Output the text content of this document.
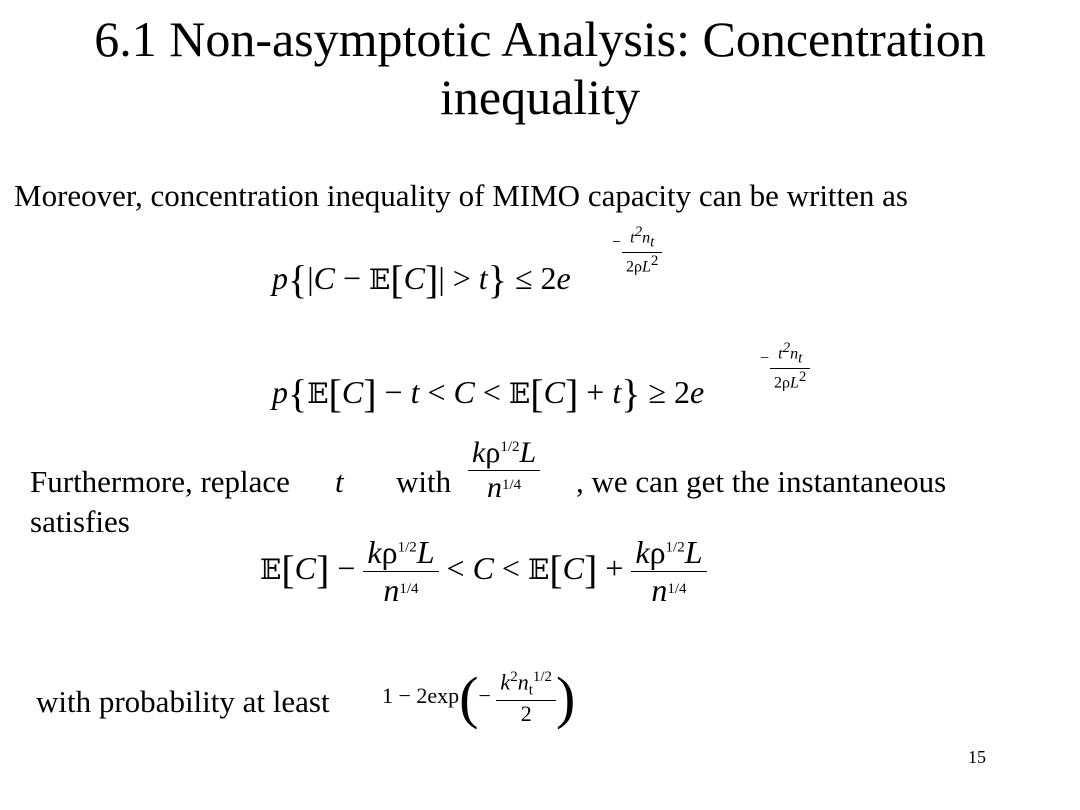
6.1 Non-asymptotic Analysis: Concentration
inequality
Moreover, concentration inequality of MIMO capacity can be written as
p{|C − 𝔼[C]| > t} ≤ 2e
− $t^2n_t$
$2\rho L^2$
p{𝔼[C] − t < C < 𝔼[C] + t} ≥ 2e
− $t^2n_t$
$2\rho L^2$
Furthermore, replace t with $\frac{k\rho^{1/2}L}{n^{1/4}}$ , we can get the instantaneous
satisfies
𝔼[C] − $\frac{k\rho^{1/2}L}{n^{1/4}} < C$ < 𝔼[C] + $\frac{k\rho^{1/2}L}{n^{1/4}}$
with probability at least $1 - 2\exp(- \frac{k^2n_t^{1/2}}{2}$ )
15
